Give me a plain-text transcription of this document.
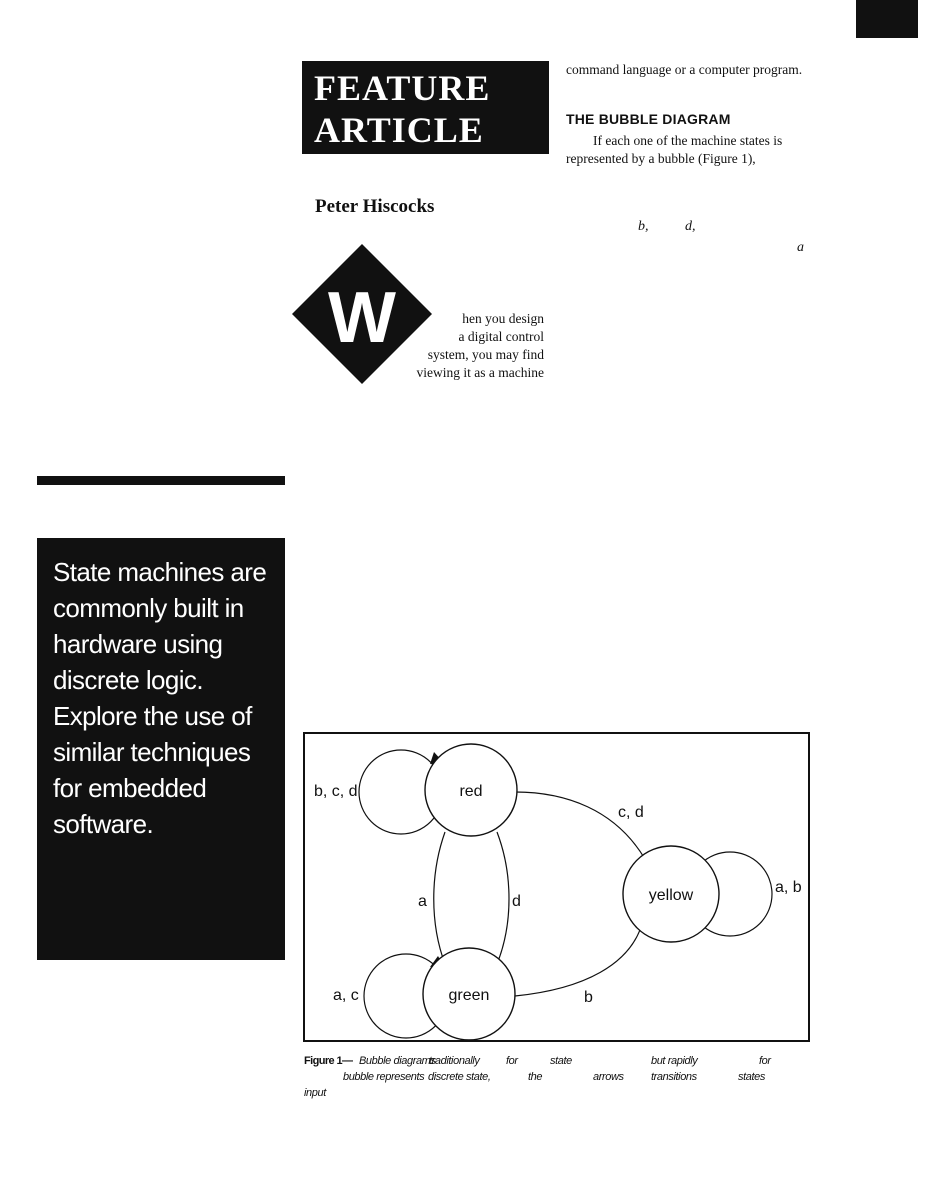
FEATURE
ARTICLE
command language or a computer program.
THE BUBBLE DIAGRAM
If each one of the machine states is represented by a bubble (Figure 1),
b,	d,
a
Peter Hiscocks
W	hen you design
a digital control
system, you may find
viewing it as a machine
State machines are commonly built in hardware using discrete logic. Explore the use of similar techniques for embedded software.
red
yellow
green
b, c, d
c, d
a, b
a	d
a, c	b
Figure 1— Bubble diagrams
traditionally for	state	but rapidly	for
bubble represents discrete state,	the	arrows transitions	states
input
